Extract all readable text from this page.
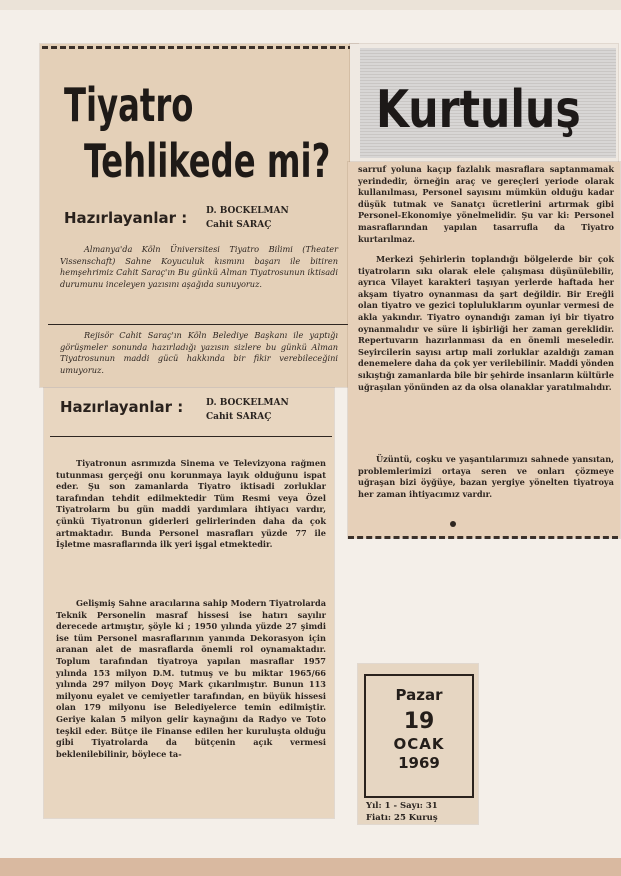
Tiyatro
Tehlikede mi?
Hazırlayanlar : D. BOCKELMAN
Cahit SARAÇ

Almanya'da Köln Üniversitesi Tiyatro Bilimi (Theater Vissenschaft) Sahne Koyuculuk kısmını başarı ile bitiren hemşehrimiz Cahit Saraç'ın Bu günkü Alman Tiyatrosunun iktisadi durumunu inceleyen yazısını aşağıda sunuyoruz.

Rejisör Cahit Saraç'ın Köln Belediye Başkanı ile yaptığı görüşmeler sonunda hazırladığı yazısın sizlere bu günkü Alman Tiyatrosunun maddi gücü hakkında bir fikir verebileceğini umuyoruz.

Hazırlayanlar :	D. BOCKELMAN
Cahit SARAÇ

Tiyatronun asrımızda Sinema ve Televizyona rağmen tutunması gerçeği onu korunmaya layık olduğunu ispat eder. Şu son zamanlarda Tiyatro iktisadi zorluklar tarafından tehdit edilmektedir Tüm Resmi veya Özel Tiyatrolarm bu gün maddi yardımlara ihtiyacı vardır, çünkü Tiyatronun giderleri gelirlerinden daha da çok artmaktadır. Bunda Personel masrafları yüzde 77 ile İşletme masraflarında ilk yeri işgal etmektedir.

Gelişmiş Sahne aracılarına sahip Modern Tiyatrolarda Teknik Personelin masraf hissesi ise hatırı sayılır derecede artmıştır, şöyle ki ; 1950 yılında yüzde 27 şimdi ise tüm Personel masraflarının yanında Dekorasyon için aranan alet de masraflarda önemli rol oynamaktadır. Toplum tarafından tiyatroya yapılan masraflar 1957 yılında 153 milyon D.M. tutmuş ve bu miktar 1965/66 yılında 297 milyon Doyç Mark çıkarılmıştır. Bunun 113 milyonu eyalet ve cemiyetler tarafından, en büyük hissesi olan 179 milyonu ise Belediyelerce temin edilmiştir. Geriye kalan 5 milyon gelir kaynağını da Radyo ve Toto teşkil eder. Bütçe ile Finanse edilen her kuruluşta olduğu gibi Tiyatrolarda da bütçenin açık vermesi beklenilebilinir, böylece ta-

Kurtuluş

sarruf yoluna kaçıp fazlalık masraflara saptanmamak yerindedir, örneğin araç ve gereçleri yeriode olarak kullanılması, Personel sayısını mümkün olduğu kadar düşük tutmak ve Sanatçı ücretlerini artırmak gibi Personel-Ekonomiye yönelmelidir. Şu var ki: Personel masraflarından yapılan tasarrufla da Tiyatro kurtarılmaz.

Merkezi Şehirlerin toplandığı bölgelerde bir çok tiyatroların sıkı olarak elele çalışması düşünülebilir, ayrıca Vilayet karakteri taşıyan yerlerde haftada her akşam tiyatro oynanması da şart değildir. Bir Ereğli olan tiyatro ve gezici topluluklarım oyunlar vermesi de akla yakındır. Tiyatro oynandığı zaman iyi bir tiyatro oynanmalıdır ve süre li işbirliği her zaman gereklidir. Repertuvarın hazırlanması da en önemli meseledir. Seyircilerin sayısı artıp mali zorluklar azaldığı zaman denemelere daha da çok yer verilebilinir. Maddi yönden sıkıştığı zamanlarda bile bir şehirde insanların kültürle uğraşılan yönünden az da olsa olanaklar yaratılmalıdır.

Üzüntü, coşku ve yaşantılarımızı sahnede yansıtan, problemlerimizi ortaya seren ve onları çözmeye uğraşan bizi öyğüye, bazan yergiye yönelten tiyatroya her zaman ihtiyacımız vardır.

Pazar
19
OCAK
1969
Yıl: 1 - Sayı: 31
Fiatı: 25 Kuruş
